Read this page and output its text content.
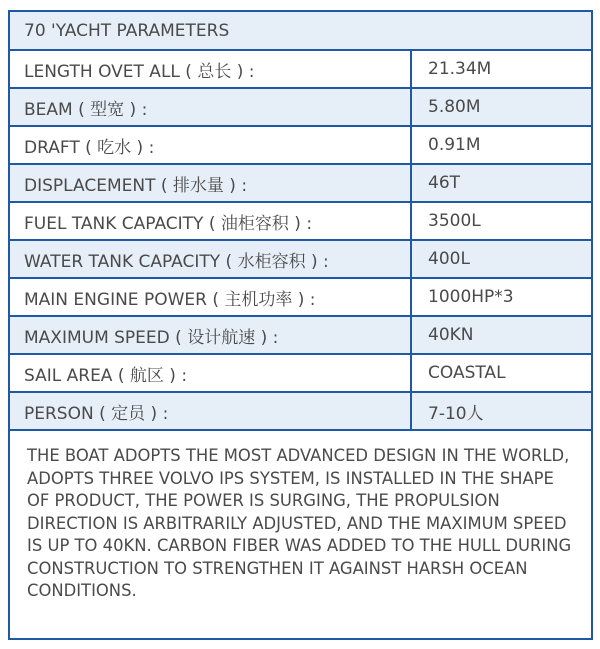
70 'YACHT PARAMETERS	
LENGTH OVET ALL ( 总长 ) :	21.34M
BEAM ( 型宽 ) :	5.80M
DRAFT ( 吃水 ) :	0.91M
DISPLACEMENT ( 排水量 ) :	46T
FUEL TANK CAPACITY ( 油柜容积 ) :	3500L
WATER TANK CAPACITY ( 水柜容积 ) :	400L
MAIN ENGINE POWER ( 主机功率 ) :	1000HP*3
MAXIMUM SPEED ( 设计航速 ) :	40KN
SAIL AREA ( 航区 ) :	COASTAL
PERSON ( 定员 ) :	7-10人
THE BOAT ADOPTS THE MOST ADVANCED DESIGN IN THE WORLD, ADOPTS THREE VOLVO IPS SYSTEM, IS INSTALLED IN THE SHAPE OF PRODUCT, THE POWER IS SURGING, THE PROPULSION DIRECTION IS ARBITRARILY ADJUSTED, AND THE MAXIMUM SPEED IS UP TO 40KN. CARBON FIBER WAS ADDED TO THE HULL DURING CONSTRUCTION TO STRENGTHEN IT AGAINST HARSH OCEAN CONDITIONS.
